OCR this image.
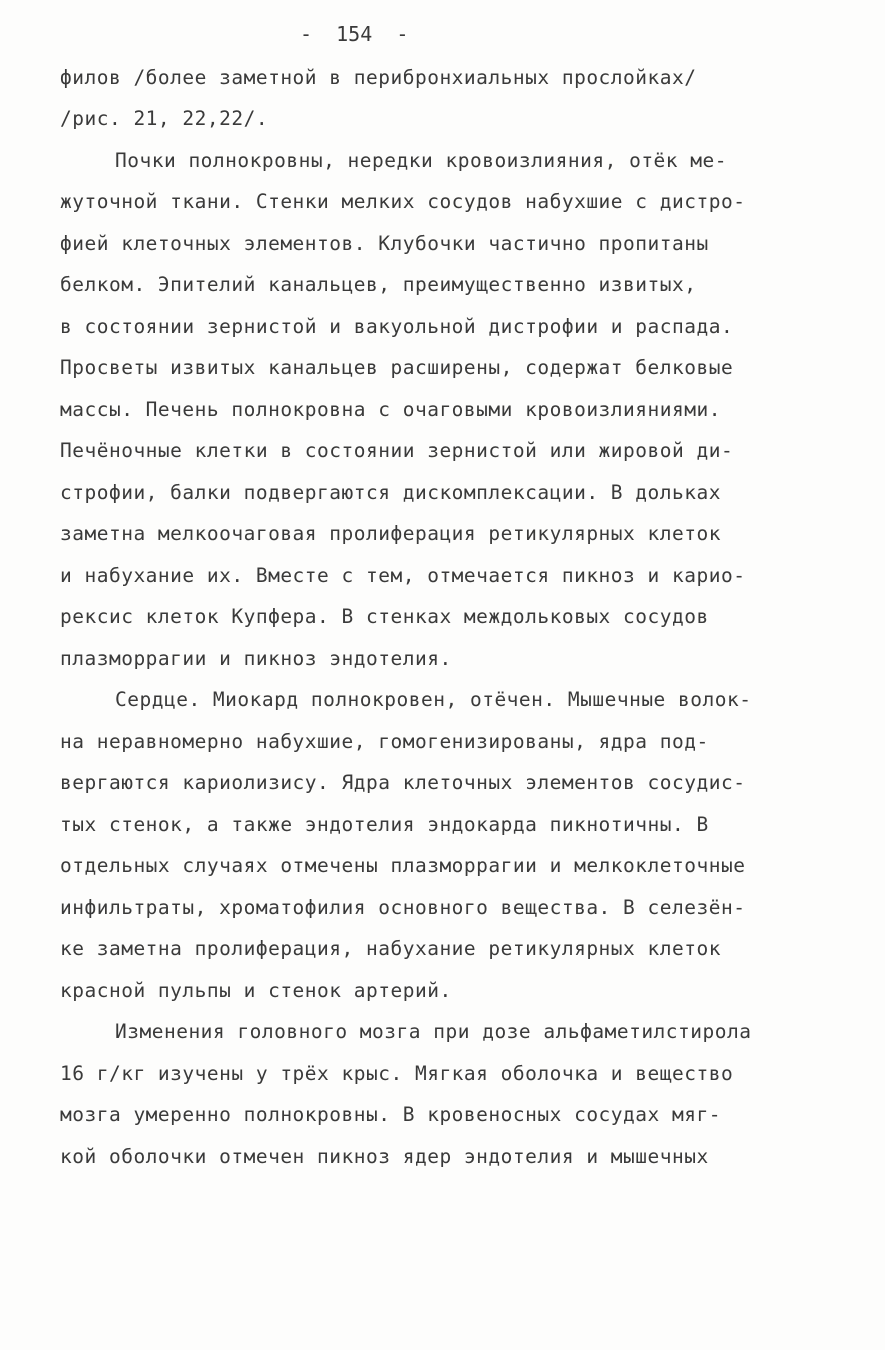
-  154  -
филов /более заметной в перибронхиальных прослойках/
/рис. 21, 22,22/.
Почки полнокровны, нередки кровоизлияния, отёк ме-
жуточной ткани. Стенки мелких сосудов набухшие с дистро-
фией клеточных элементов. Клубочки частично пропитаны
белком. Эпителий канальцев, преимущественно извитых,
в состоянии зернистой и вакуольной дистрофии и распада.
Просветы извитых канальцев расширены, содержат белковые
массы. Печень полнокровна с очаговыми кровоизлияниями.
Печёночные клетки в состоянии зернистой или жировой ди-
строфии, балки подвергаются дискомплексации. В дольках
заметна мелкоочаговая пролиферация ретикулярных клеток
и набухание их. Вместе с тем, отмечается пикноз и карио-
рексис клеток Купфера. В стенках междольковых сосудов
плазморрагии и пикноз эндотелия.
Сердце. Миокард полнокровен, отёчен. Мышечные волок-
на неравномерно набухшие, гомогенизированы, ядра под-
вергаются кариолизису. Ядра клеточных элементов сосудис-
тых стенок, а также эндотелия эндокарда пикнотичны. В
отдельных случаях отмечены плазморрагии и мелкоклеточные
инфильтраты, хроматофилия основного вещества. В селезён-
ке заметна пролиферация, набухание ретикулярных клеток
красной пульпы и стенок артерий.
Изменения головного мозга при дозе альфаметилстирола
16 г/кг изучены у трёх крыс. Мягкая оболочка и вещество
мозга умеренно полнокровны. В кровеносных сосудах мяг-
кой оболочки отмечен пикноз ядер эндотелия и мышечных
